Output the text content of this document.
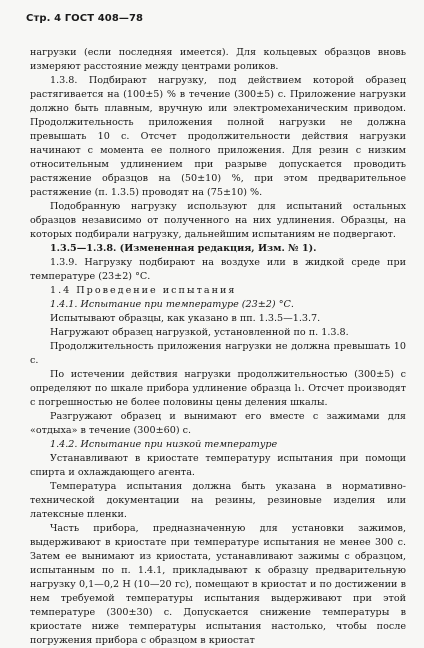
Стр. 4 ГОСТ 408—78

нагрузки (если последняя имеется). Для кольцевых образцов вновь измеряют расстояние между центрами роликов.

1.3.8. Подбирают нагрузку, под действием которой образец растягивается на (100±5) % в течение (300±5) с. Приложение нагрузки должно быть плавным, вручную или электромеханическим приводом. Продолжительность приложения полной нагрузки не должна превышать 10 с. Отсчет продолжительности действия нагрузки начинают с момента ее полного приложения. Для резин с низким относительным удлинением при разрыве допускается проводить растяжение образцов на (50±10) %, при этом предварительное растяжение (п. 1.3.5) проводят на (75±10) %.

Подобранную нагрузку используют для испытаний остальных образцов независимо от полученного на них удлинения. Образцы, на которых подбирали нагрузку, дальнейшим испытаниям не подвергают.

1.3.5—1.3.8. (Измененная редакция, Изм. № 1).

1.3.9. Нагрузку подбирают на воздухе или в жидкой среде при температуре (23±2) °С.

1.4 Проведение испытания

1.4.1. Испытание при температуре (23±2) °С.

Испытывают образцы, как указано в пп. 1.3.5—1.3.7.

Нагружают образец нагрузкой, установленной по п. 1.3.8.

Продолжительность приложения нагрузки не должна превышать 10 с.

По истечении действия нагрузки продолжительностью (300±5) с определяют по шкале прибора удлинение образца l₁. Отсчет производят с погрешностью не более половины цены деления шкалы.

Разгружают образец и вынимают его вместе с зажимами для «отдыха» в течение (300±60) с.

1.4.2. Испытание при низкой температуре

Устанавливают в криостате температуру испытания при помощи спирта и охлаждающего агента.

Температура испытания должна быть указана в нормативно-технической документации на резины, резиновые изделия или латексные пленки.

Часть прибора, предназначенную для установки зажимов, выдерживают в криостате при температуре испытания не менее 300 с. Затем ее вынимают из криостата, устанавливают зажимы с образцом, испытанным по п. 1.4.1, прикладывают к образцу предварительную нагрузку 0,1—0,2 Н (10—20 гс), помещают в криостат и по достижении в нем требуемой температуры испытания выдерживают при этой температуре (300±30) с. Допускается снижение температуры в криостате ниже температуры испытания настолько, чтобы после погружения прибора с образцом в криостат
